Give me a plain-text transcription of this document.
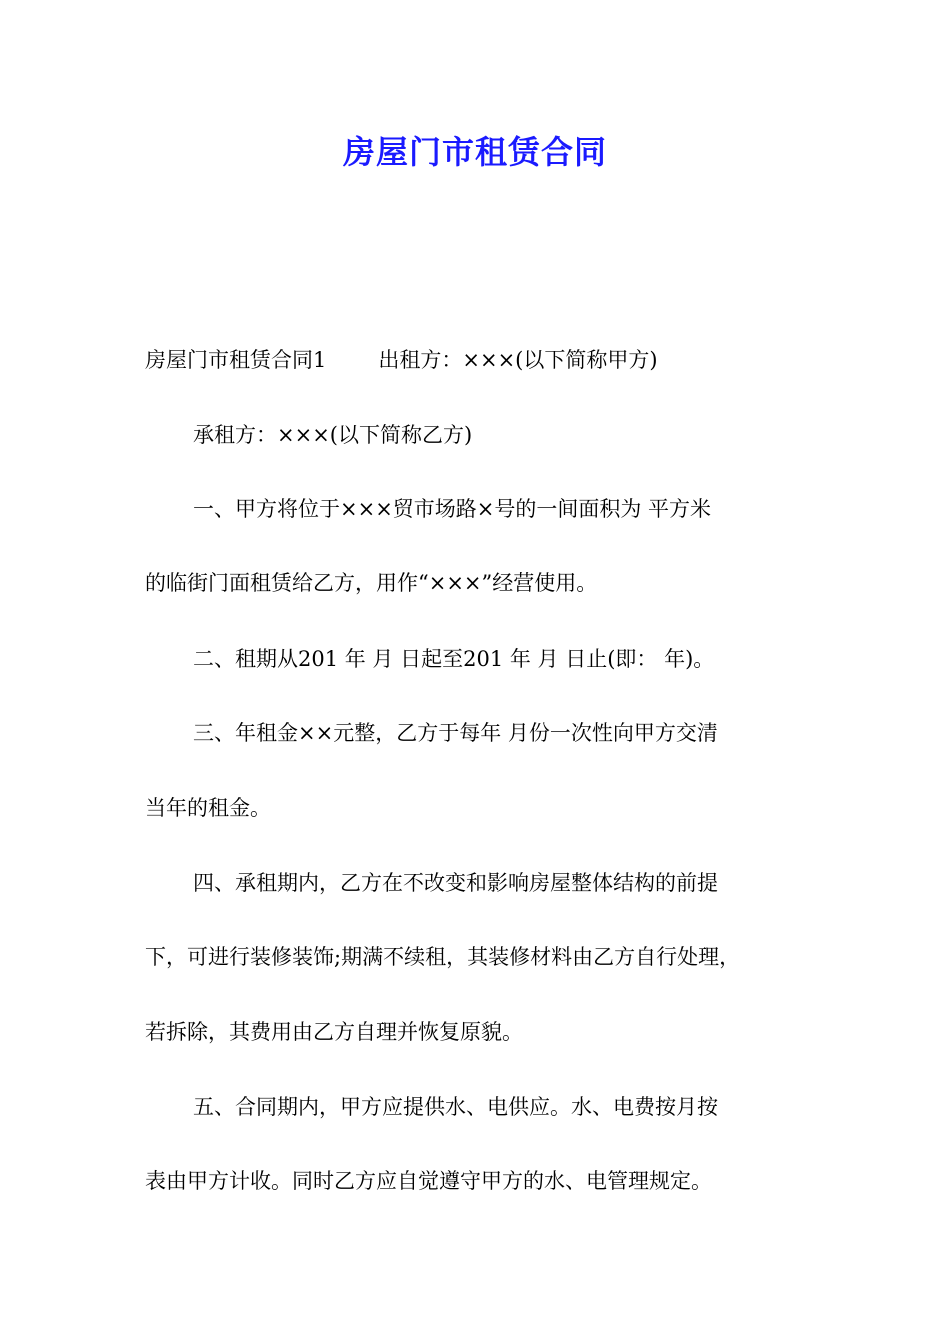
房屋门市租赁合同

房屋门市租赁合同1 出租方：×××(以下简称甲方)

承租方：×××(以下简称乙方)

一、甲方将位于×××贸市场路×号的一间面积为 平方米

的临街门面租赁给乙方，用作“×××”经营使用。

二、租期从201 年 月 日起至201 年 月 日止(即： 年)。

三、年租金××元整，乙方于每年 月份一次性向甲方交清

当年的租金。

四、承租期内，乙方在不改变和影响房屋整体结构的前提

下，可进行装修装饰;期满不续租，其装修材料由乙方自行处理，

若拆除，其费用由乙方自理并恢复原貌。

五、合同期内，甲方应提供水、电供应。水、电费按月按

表由甲方计收。同时乙方应自觉遵守甲方的水、电管理规定。
